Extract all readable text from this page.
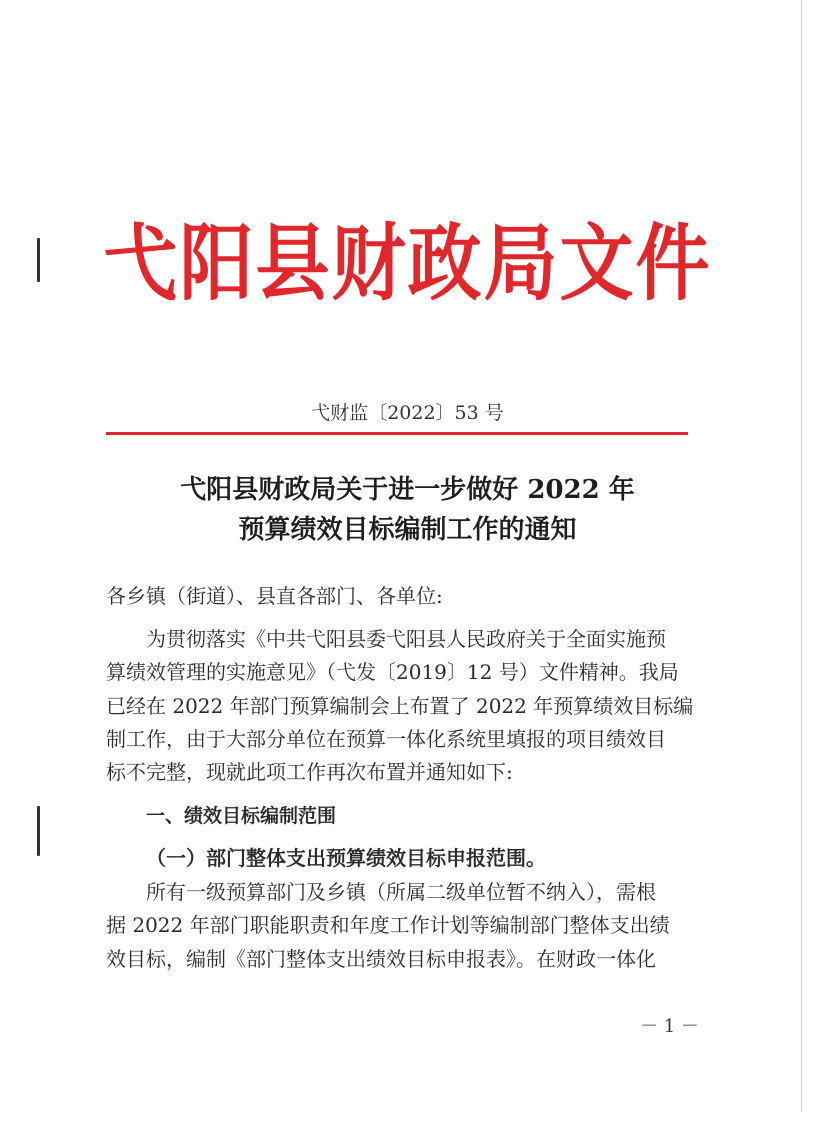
弋阳县财政局文件
弋财监〔2022〕53 号
弋阳县财政局关于进一步做好 2022 年
预算绩效目标编制工作的通知
各乡镇（街道）、县直各部门、各单位:
为贯彻落实《中共弋阳县委弋阳县人民政府关于全面实施预
算绩效管理的实施意见》（弋发〔2019〕12 号）文件精神。我局
已经在 2022 年部门预算编制会上布置了 2022 年预算绩效目标编
制工作，由于大部分单位在预算一体化系统里填报的项目绩效目
标不完整，现就此项工作再次布置并通知如下:
一、绩效目标编制范围
（一）部门整体支出预算绩效目标申报范围。
所有一级预算部门及乡镇（所属二级单位暂不纳入），需根
据 2022 年部门职能职责和年度工作计划等编制部门整体支出绩
效目标，编制《部门整体支出绩效目标申报表》。在财政一体化
－ 1 －
